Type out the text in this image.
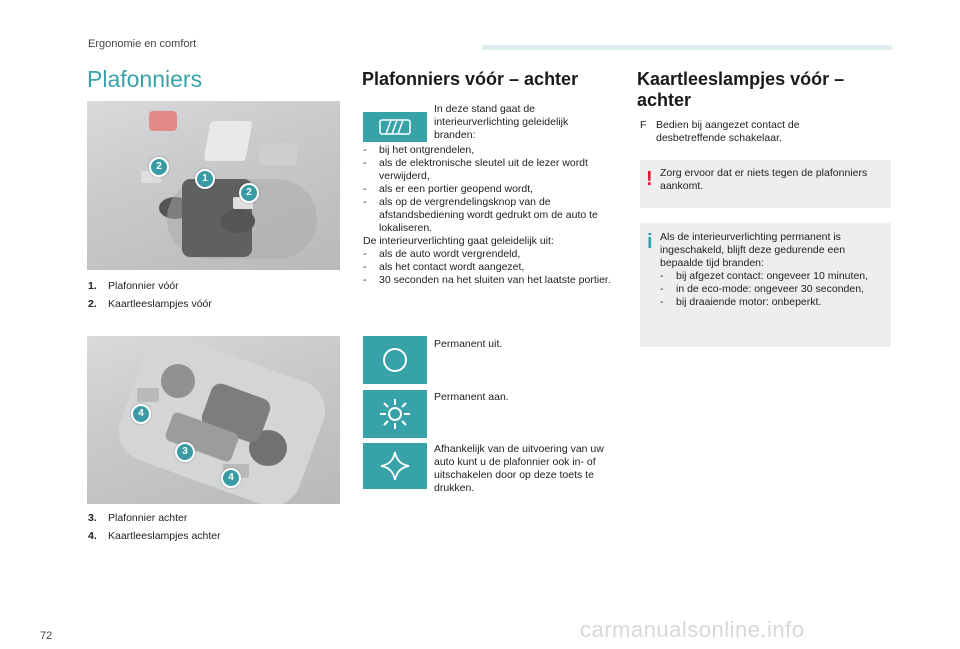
Ergonomie en comfort
Plafonniers
2
1
2
1. Plafonnier vóór
2. Kaartleeslampjes vóór
4
3
4
3. Plafonnier achter
4. Kaartleeslampjes achter
Plafonniers vóór – achter
In deze stand gaat de interieurverlichting geleidelijk branden:
-	bij het ontgrendelen,
-	als de elektronische sleutel uit de lezer wordt verwijderd,
-	als er een portier geopend wordt,
-	als op de vergrendelingsknop van de afstandsbediening wordt gedrukt om de auto te lokaliseren.
De interieurverlichting gaat geleidelijk uit:
-	als de auto wordt vergrendeld,
-	als het contact wordt aangezet,
-	30 seconden na het sluiten van het laatste portier.
Permanent uit.
Permanent aan.
Afhankelijk van de uitvoering van uw auto kunt u de plafonnier ook in- of uitschakelen door op deze toets te drukken.
Kaartleeslampjes vóór – achter
F Bedien bij aangezet contact de desbetreffende schakelaar.
! Zorg ervoor dat er niets tegen de plafonniers aankomt.
i Als de interieurverlichting permanent is ingeschakeld, blijft deze gedurende een bepaalde tijd branden:
-	bij afgezet contact: ongeveer 10 minuten,
-	in de eco-mode: ongeveer 30 seconden,
-	bij draaiende motor: onbeperkt.
72	carmanualsonline.info
